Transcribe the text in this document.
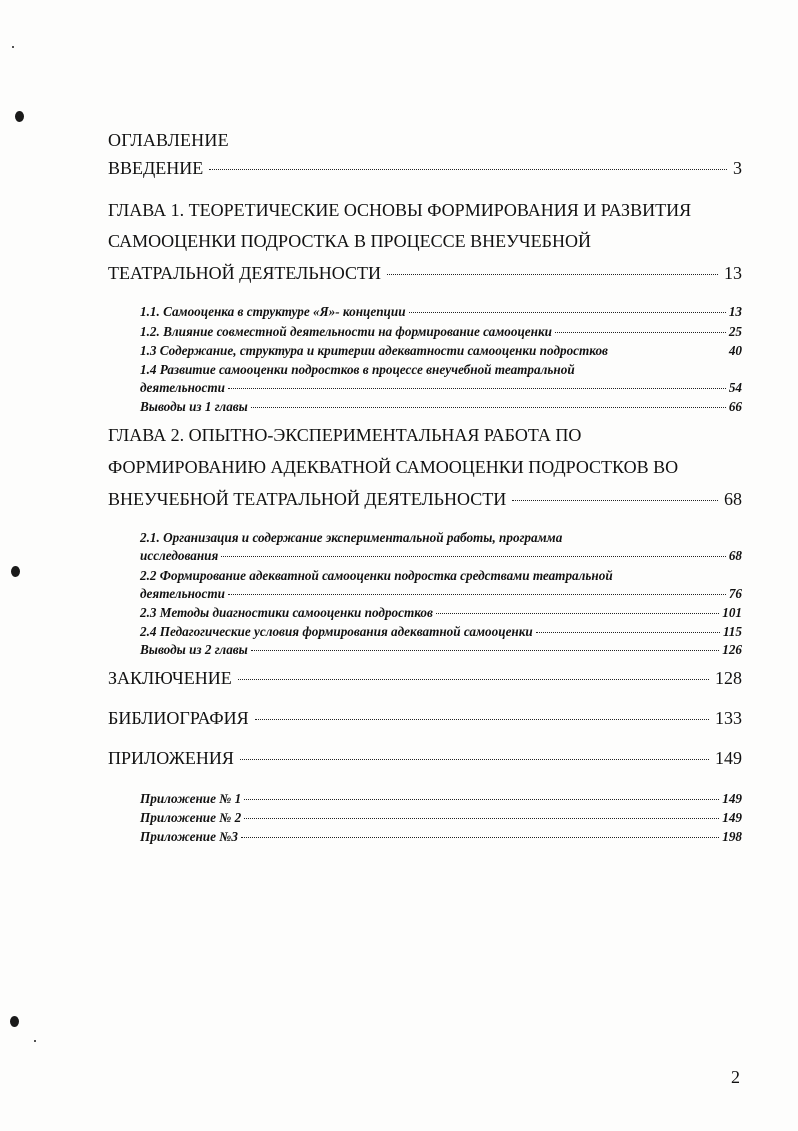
ОГЛАВЛЕНИЕ
ВВЕДЕНИЕ	3
ГЛАВА 1. ТЕОРЕТИЧЕСКИЕ ОСНОВЫ ФОРМИРОВАНИЯ И РАЗВИТИЯ
САМООЦЕНКИ ПОДРОСТКА В ПРОЦЕССЕ ВНЕУЧЕБНОЙ
ТЕАТРАЛЬНОЙ ДЕЯТЕЛЬНОСТИ	13
1.1. Самооценка в структуре «Я»- концепции	13
1.2. Влияние совместной деятельности на формирование самооценки	25
1.3 Содержание, структура и критерии адекватности самооценки подростков	40
1.4 Развитие самооценки подростков в процессе внеучебной театральной
деятельности	54
Выводы из 1 главы	66
ГЛАВА 2. ОПЫТНО-ЭКСПЕРИМЕНТАЛЬНАЯ РАБОТА ПО
ФОРМИРОВАНИЮ АДЕКВАТНОЙ САМООЦЕНКИ ПОДРОСТКОВ ВО
ВНЕУЧЕБНОЙ ТЕАТРАЛЬНОЙ ДЕЯТЕЛЬНОСТИ	68
2.1. Организация и содержание экспериментальной работы, программа
исследования	68
2.2 Формирование адекватной самооценки подростка средствами театральной
деятельности	76
2.3 Методы диагностики самооценки подростков	101
2.4 Педагогические условия формирования адекватной самооценки	115
Выводы из 2 главы	126
ЗАКЛЮЧЕНИЕ	128
БИБЛИОГРАФИЯ	133
ПРИЛОЖЕНИЯ	149
Приложение № 1	149
Приложение № 2	149
Приложение №3	198
2
